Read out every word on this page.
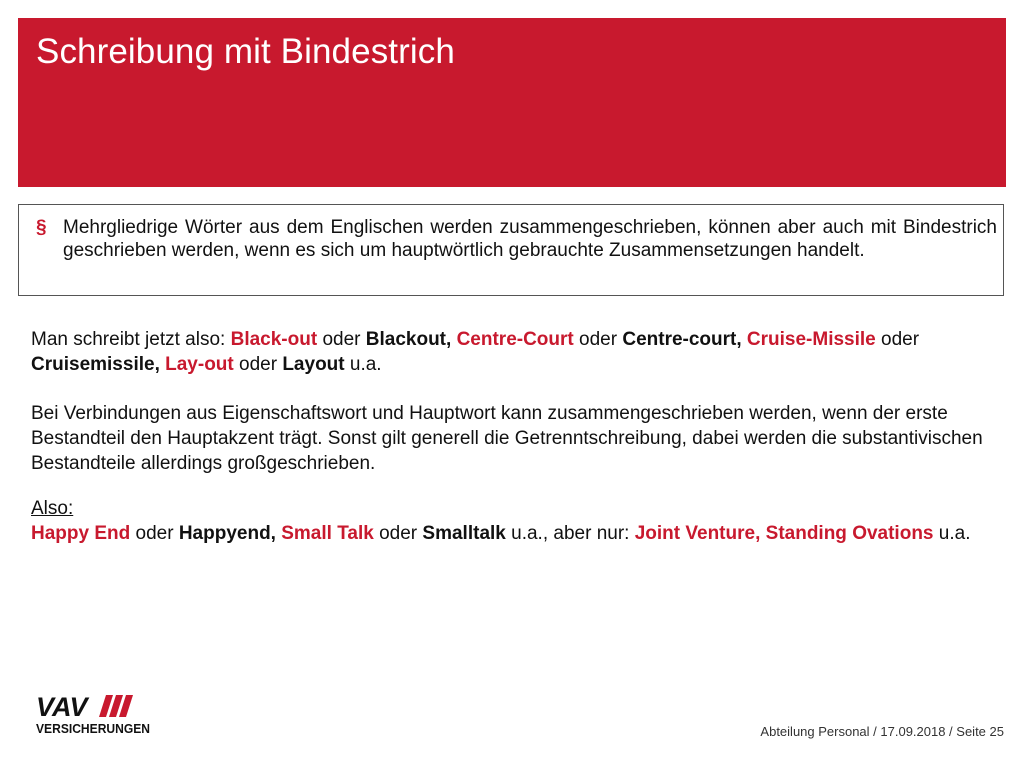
Schreibung mit Bindestrich
§ Mehrgliedrige Wörter aus dem Englischen werden zusammengeschrieben, können aber auch mit Bindestrich geschrieben werden, wenn es sich um hauptwörtlich gebrauchte Zusammensetzungen handelt.

Man schreibt jetzt also: Black-out oder Blackout, Centre-Court oder Centre-court, Cruise-Missile oder Cruisemissile, Lay-out oder Layout u.a.

Bei Verbindungen aus Eigenschaftswort und Hauptwort kann zusammengeschrieben werden, wenn der erste Bestandteil den Hauptakzent trägt. Sonst gilt generell die Getrenntschreibung, dabei werden die substantivischen Bestandteile allerdings großgeschrieben.

Also:
Happy End oder Happyend, Small Talk oder Smalltalk u.a., aber nur: Joint Venture, Standing Ovations u.a.

VAV
VERSICHERUNGEN	Abteilung Personal / 17.09.2018 / Seite 25
